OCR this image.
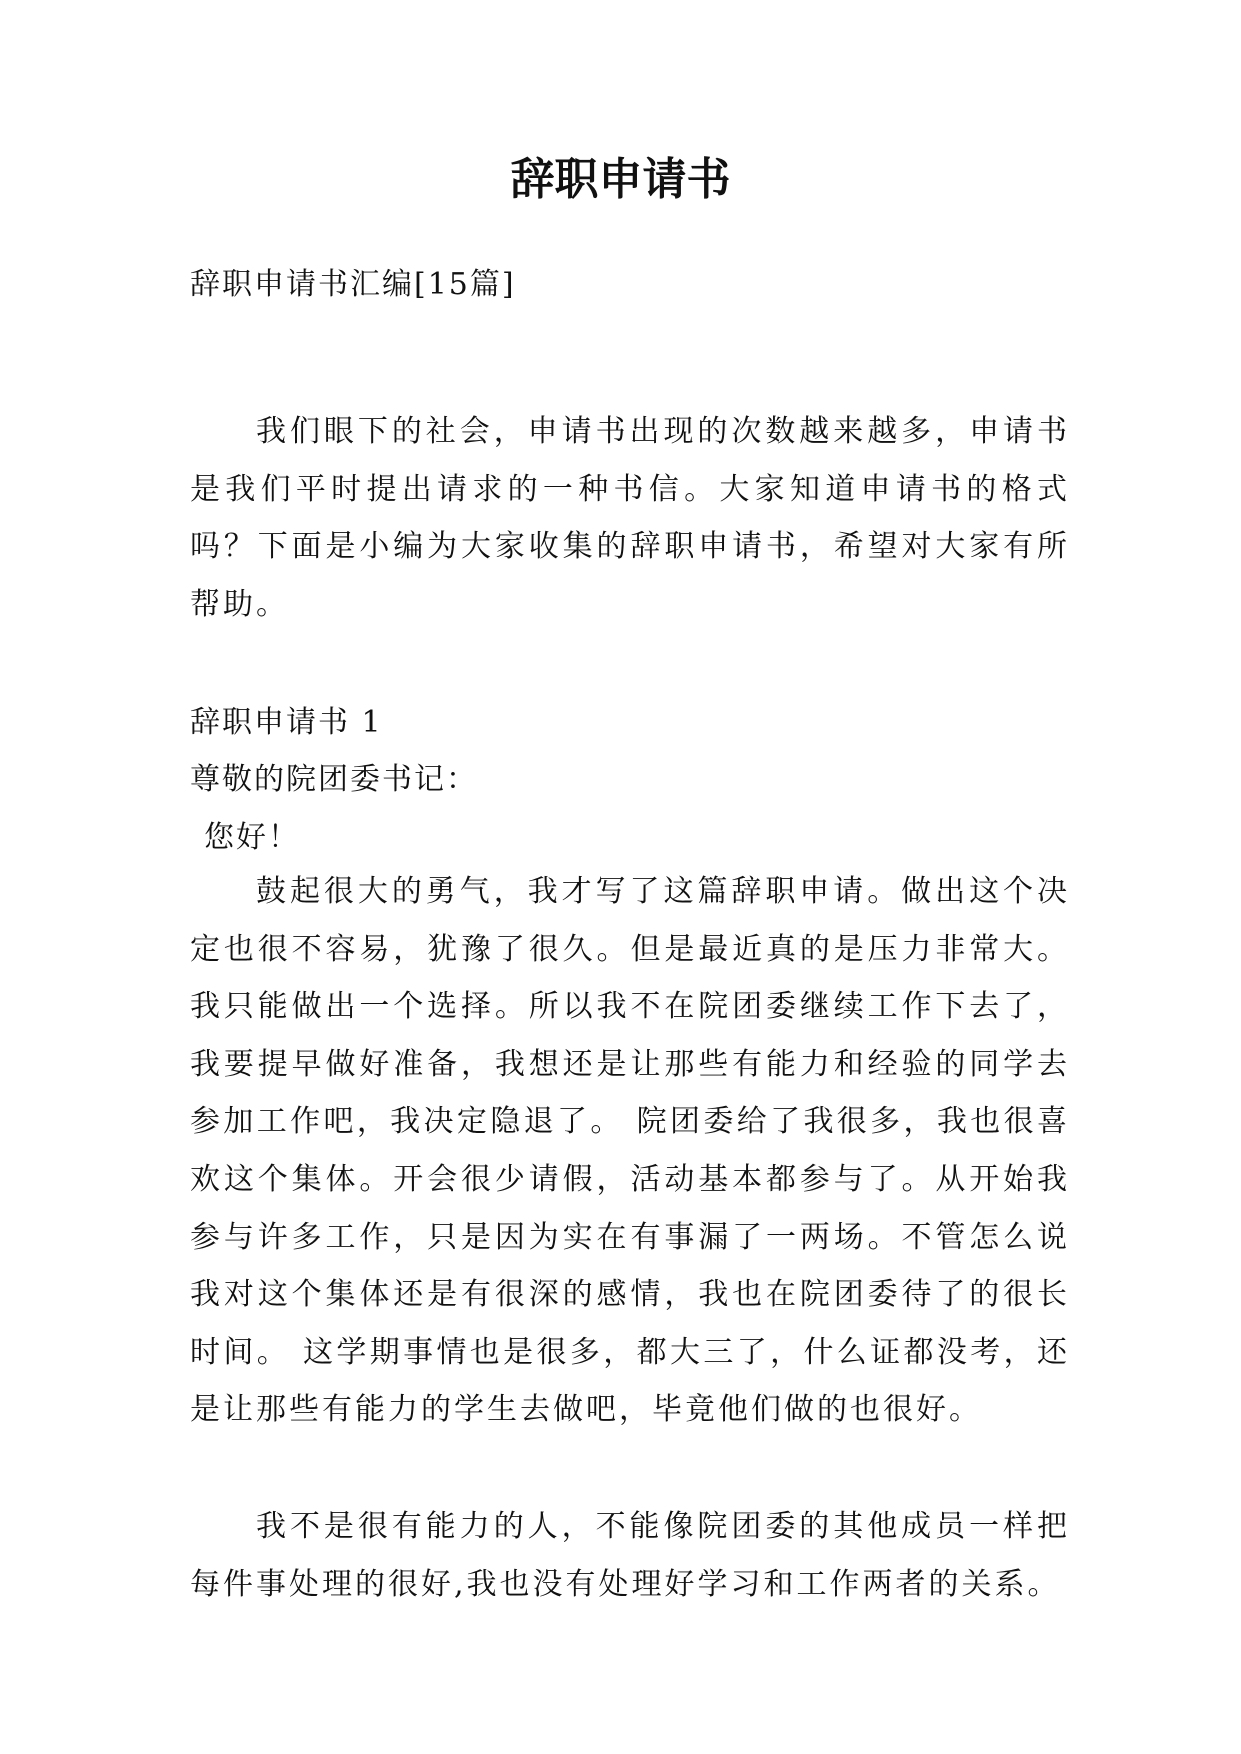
辞职申请书
辞职申请书汇编[15篇]

我们眼下的社会，申请书出现的次数越来越多，申请书是我们平时提出请求的一种书信。大家知道申请书的格式吗？下面是小编为大家收集的辞职申请书，希望对大家有所帮助。

辞职申请书 1
尊敬的院团委书记：
您好！

鼓起很大的勇气，我才写了这篇辞职申请。做出这个决定也很不容易，犹豫了很久。但是最近真的是压力非常大。我只能做出一个选择。所以我不在院团委继续工作下去了，我要提早做好准备，我想还是让那些有能力和经验的同学去参加工作吧，我决定隐退了。 院团委给了我很多，我也很喜欢这个集体。开会很少请假，活动基本都参与了。从开始我参与许多工作，只是因为实在有事漏了一两场。不管怎么说我对这个集体还是有很深的感情，我也在院团委待了的很长时间。 这学期事情也是很多，都大三了，什么证都没考，还是让那些有能力的学生去做吧，毕竟他们做的也很好。

我不是很有能力的人，不能像院团委的其他成员一样把每件事处理的很好,我也没有处理好学习和工作两者的关系。
